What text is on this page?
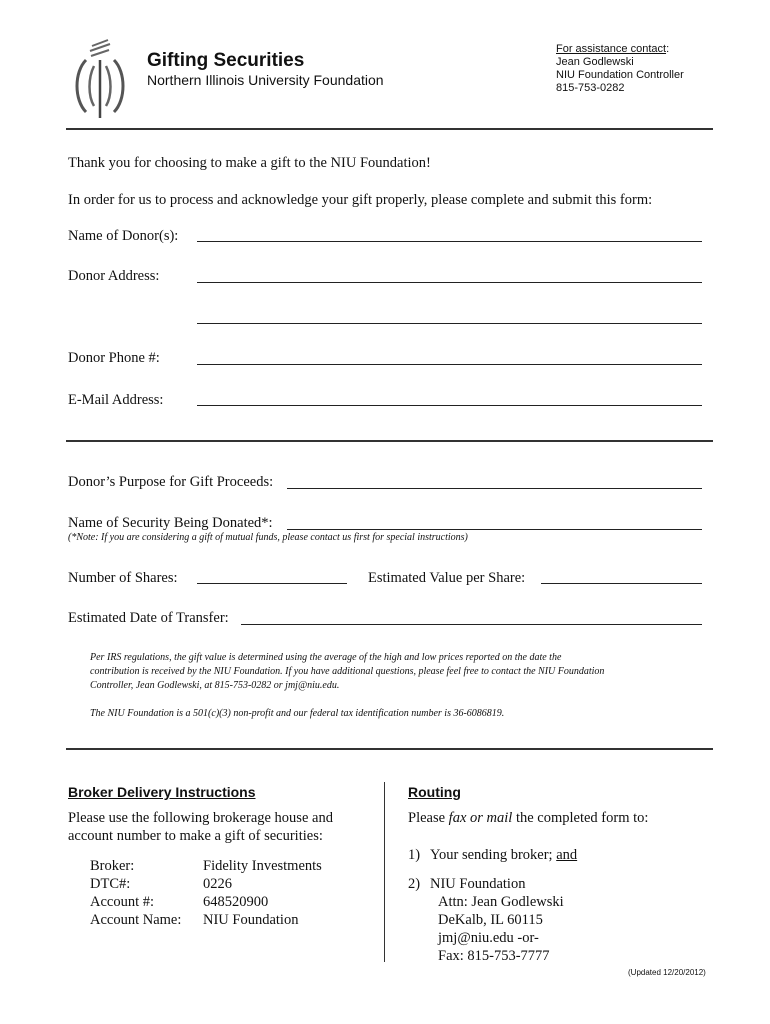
Gifting Securities
Northern Illinois University Foundation
For assistance contact:
Jean Godlewski
NIU Foundation Controller
815-753-0282
Thank you for choosing to make a gift to the NIU Foundation!
In order for us to process and acknowledge your gift properly, please complete and submit this form:
Name of Donor(s):
Donor Address:
Donor Phone #:
E-Mail Address:
Donor’s Purpose for Gift Proceeds:
Name of Security Being Donated*:
(*Note: If you are considering a gift of mutual funds, please contact us first for special instructions)
Number of Shares:	Estimated Value per Share:
Estimated Date of Transfer:
Per IRS regulations, the gift value is determined using the average of the high and low prices reported on the date the
contribution is received by the NIU Foundation. If you have additional questions, please feel free to contact the NIU Foundation
Controller, Jean Godlewski, at 815-753-0282 or jmj@niu.edu.
The NIU Foundation is a 501(c)(3) non-profit and our federal tax identification number is 36-6086819.
Broker Delivery Instructions
Please use the following brokerage house and
account number to make a gift of securities:
Broker:	Fidelity Investments
DTC#:	0226
Account #:	648520900
Account Name:	NIU Foundation
Routing
Please fax or mail the completed form to:
1) Your sending broker; and
2) NIU Foundation
Attn: Jean Godlewski
DeKalb, IL 60115
jmj@niu.edu -or-
Fax: 815-753-7777
(Updated 12/20/2012)
